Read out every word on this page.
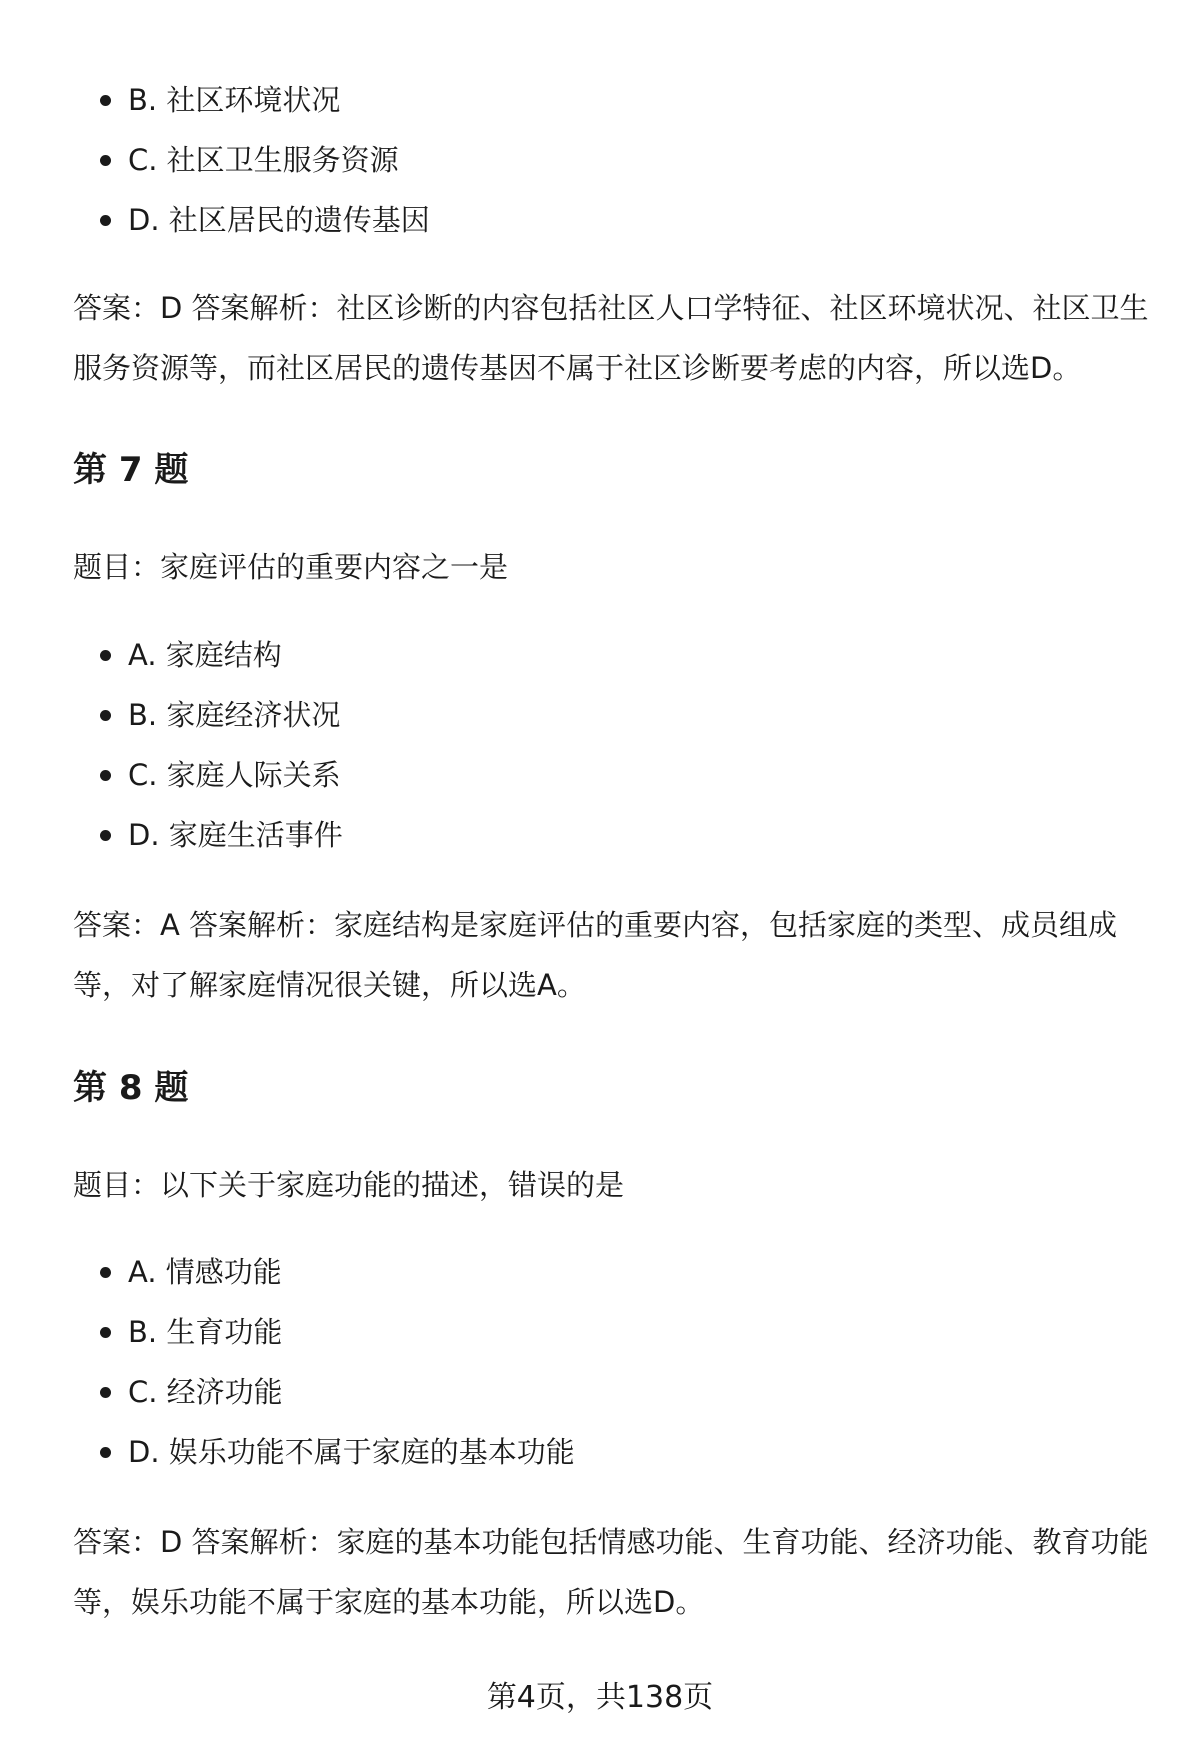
B. 社区环境状况
C. 社区卫生服务资源
D. 社区居民的遗传基因

答案：D 答案解析：社区诊断的内容包括社区人口学特征、社区环境状况、社区卫生服务资源等，而社区居民的遗传基因不属于社区诊断要考虑的内容，所以选D。

第 7 题

题目：家庭评估的重要内容之一是

A. 家庭结构
B. 家庭经济状况
C. 家庭人际关系
D. 家庭生活事件

答案：A 答案解析：家庭结构是家庭评估的重要内容，包括家庭的类型、成员组成等，对了解家庭情况很关键，所以选A。

第 8 题

题目：以下关于家庭功能的描述，错误的是

A. 情感功能
B. 生育功能
C. 经济功能
D. 娱乐功能不属于家庭的基本功能

答案：D 答案解析：家庭的基本功能包括情感功能、生育功能、经济功能、教育功能等，娱乐功能不属于家庭的基本功能，所以选D。

第4页，共138页
